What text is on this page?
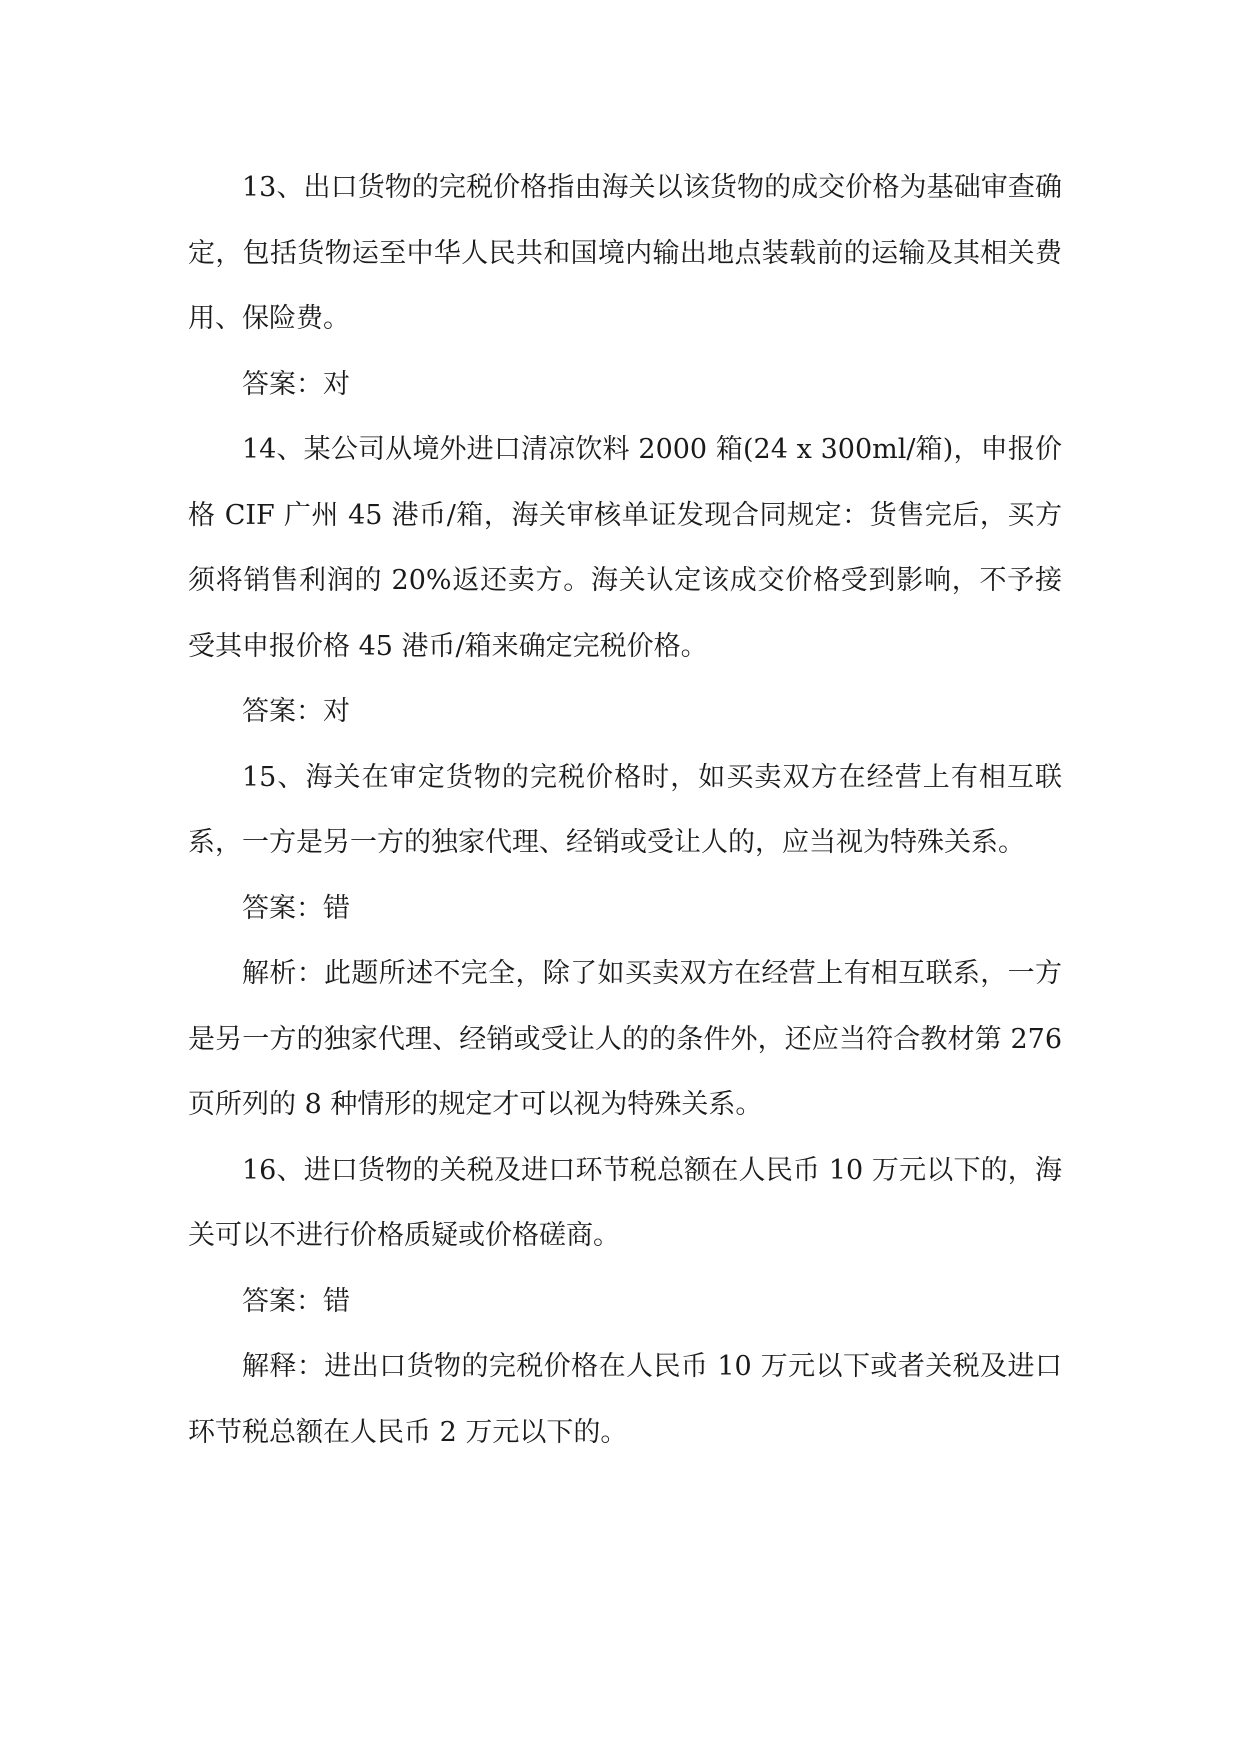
13、出口货物的完税价格指由海关以该货物的成交价格为基础审查确定，包括货物运至中华人民共和国境内输出地点装载前的运输及其相关费用、保险费。

答案：对

14、某公司从境外进口清凉饮料 2000 箱(24 x 300ml/箱)，申报价格 CIF 广州 45 港币/箱，海关审核单证发现合同规定：货售完后，买方须将销售利润的 20%返还卖方。海关认定该成交价格受到影响，不予接受其申报价格 45 港币/箱来确定完税价格。

答案：对

15、海关在审定货物的完税价格时，如买卖双方在经营上有相互联系，一方是另一方的独家代理、经销或受让人的，应当视为特殊关系。

答案：错

解析：此题所述不完全，除了如买卖双方在经营上有相互联系，一方是另一方的独家代理、经销或受让人的的条件外，还应当符合教材第 276 页所列的 8 种情形的规定才可以视为特殊关系。

16、进口货物的关税及进口环节税总额在人民币 10 万元以下的，海关可以不进行价格质疑或价格磋商。

答案：错

解释：进出口货物的完税价格在人民币 10 万元以下或者关税及进口环节税总额在人民币 2 万元以下的。
